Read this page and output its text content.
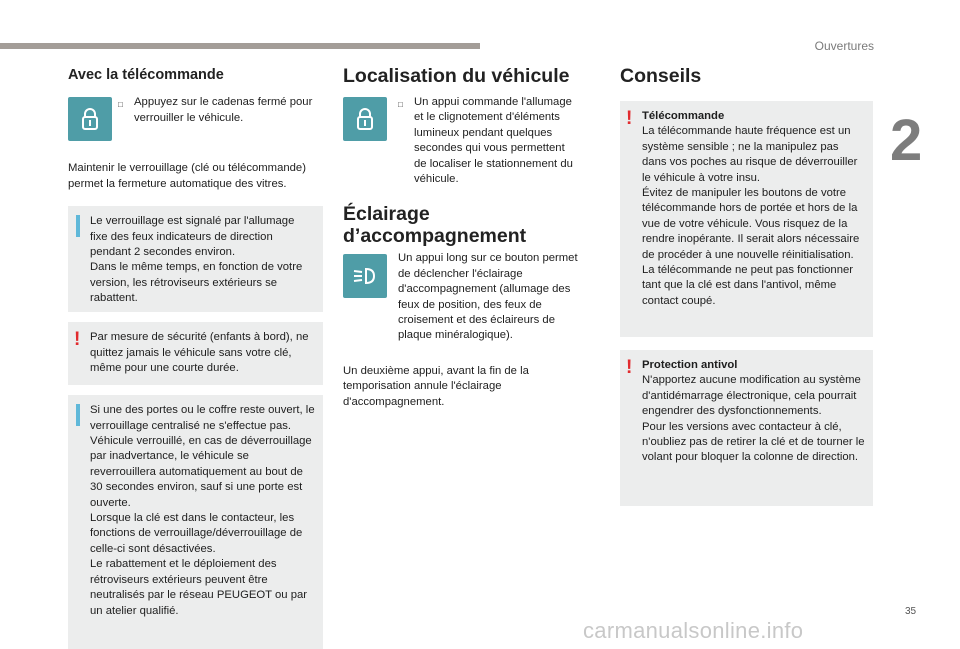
Ouvertures
2
Avec la télécommande
□ Appuyez sur le cadenas fermé pour verrouiller le véhicule.

Maintenir le verrouillage (clé ou télécommande) permet la fermeture automatique des vitres.

Le verrouillage est signalé par l'allumage fixe des feux indicateurs de direction pendant 2 secondes environ.
Dans le même temps, en fonction de votre version, les rétroviseurs extérieurs se rabattent.

! Par mesure de sécurité (enfants à bord), ne quittez jamais le véhicule sans votre clé, même pour une courte durée.

Si une des portes ou le coffre reste ouvert, le verrouillage centralisé ne s'effectue pas.
Véhicule verrouillé, en cas de déverrouillage par inadvertance, le véhicule se reverrouillera automatiquement au bout de 30 secondes environ, sauf si une porte est ouverte.
Lorsque la clé est dans le contacteur, les fonctions de verrouillage/déverrouillage de celle-ci sont désactivées.
Le rabattement et le déploiement des rétroviseurs extérieurs peuvent être neutralisés par le réseau PEUGEOT ou par un atelier qualifié.

Localisation du véhicule
□ Un appui commande l'allumage et le clignotement d'éléments lumineux pendant quelques secondes qui vous permettent de localiser le stationnement du véhicule.
Éclairage
d’accompagnement

Un appui long sur ce bouton permet de déclencher l'éclairage d'accompagnement (allumage des feux de position, des feux de croisement et des éclaireurs de plaque minéralogique).

Un deuxième appui, avant la fin de la temporisation annule l'éclairage d'accompagnement.

Conseils
! Télécommande

La télécommande haute fréquence est un système sensible ; ne la manipulez pas dans vos poches au risque de déverrouiller le véhicule à votre insu.
Évitez de manipuler les boutons de votre télécommande hors de portée et hors de la vue de votre véhicule. Vous risquez de la rendre inopérante. Il serait alors nécessaire de procéder à une nouvelle réinitialisation.
La télécommande ne peut pas fonctionner tant que la clé est dans l'antivol, même contact coupé.

! Protection antivol

N'apportez aucune modification au système d'antidémarrage électronique, cela pourrait engendrer des dysfonctionnements.
Pour les versions avec contacteur à clé, n'oubliez pas de retirer la clé et de tourner le volant pour bloquer la colonne de direction.

35
carmanualsonline.info
